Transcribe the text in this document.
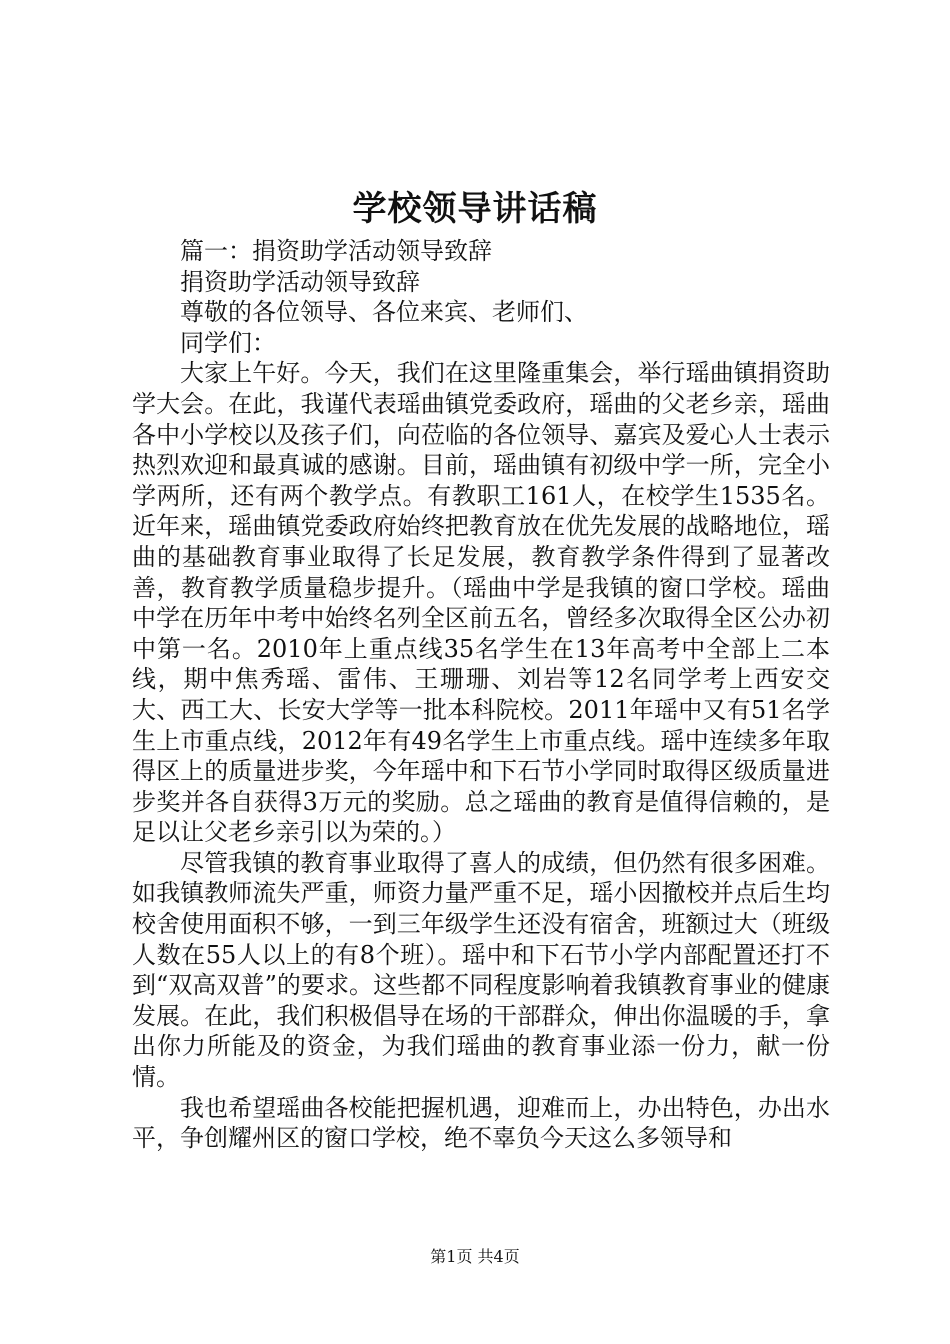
学校领导讲话稿

篇一：捐资助学活动领导致辞

捐资助学活动领导致辞

尊敬的各位领导、各位来宾、老师们、

同学们：

大家上午好。今天，我们在这里隆重集会，举行瑶曲镇捐资助学大会。在此，我谨代表瑶曲镇党委政府，瑶曲的父老乡亲，瑶曲各中小学校以及孩子们，向莅临的各位领导、嘉宾及爱心人士表示热烈欢迎和最真诚的感谢。目前，瑶曲镇有初级中学一所，完全小学两所，还有两个教学点。有教职工161人，在校学生1535名。近年来，瑶曲镇党委政府始终把教育放在优先发展的战略地位，瑶曲的基础教育事业取得了长足发展，教育教学条件得到了显著改善，教育教学质量稳步提升。（瑶曲中学是我镇的窗口学校。瑶曲中学在历年中考中始终名列全区前五名，曾经多次取得全区公办初中第一名。2010年上重点线35名学生在13年高考中全部上二本线，期中焦秀瑶、雷伟、王珊珊、刘岩等12名同学考上西安交大、西工大、长安大学等一批本科院校。2011年瑶中又有51名学生上市重点线，2012年有49名学生上市重点线。瑶中连续多年取得区上的质量进步奖，今年瑶中和下石节小学同时取得区级质量进步奖并各自获得3万元的奖励。总之瑶曲的教育是值得信赖的，是足以让父老乡亲引以为荣的。）

尽管我镇的教育事业取得了喜人的成绩，但仍然有很多困难。如我镇教师流失严重，师资力量严重不足，瑶小因撤校并点后生均校舍使用面积不够，一到三年级学生还没有宿舍，班额过大（班级人数在55人以上的有8个班）。瑶中和下石节小学内部配置还打不到“双高双普”的要求。这些都不同程度影响着我镇教育事业的健康发展。在此，我们积极倡导在场的干部群众，伸出你温暖的手，拿出你力所能及的资金，为我们瑶曲的教育事业添一份力，献一份情。

我也希望瑶曲各校能把握机遇，迎难而上，办出特色，办出水平，争创耀州区的窗口学校，绝不辜负今天这么多领导和

第1页 共4页
